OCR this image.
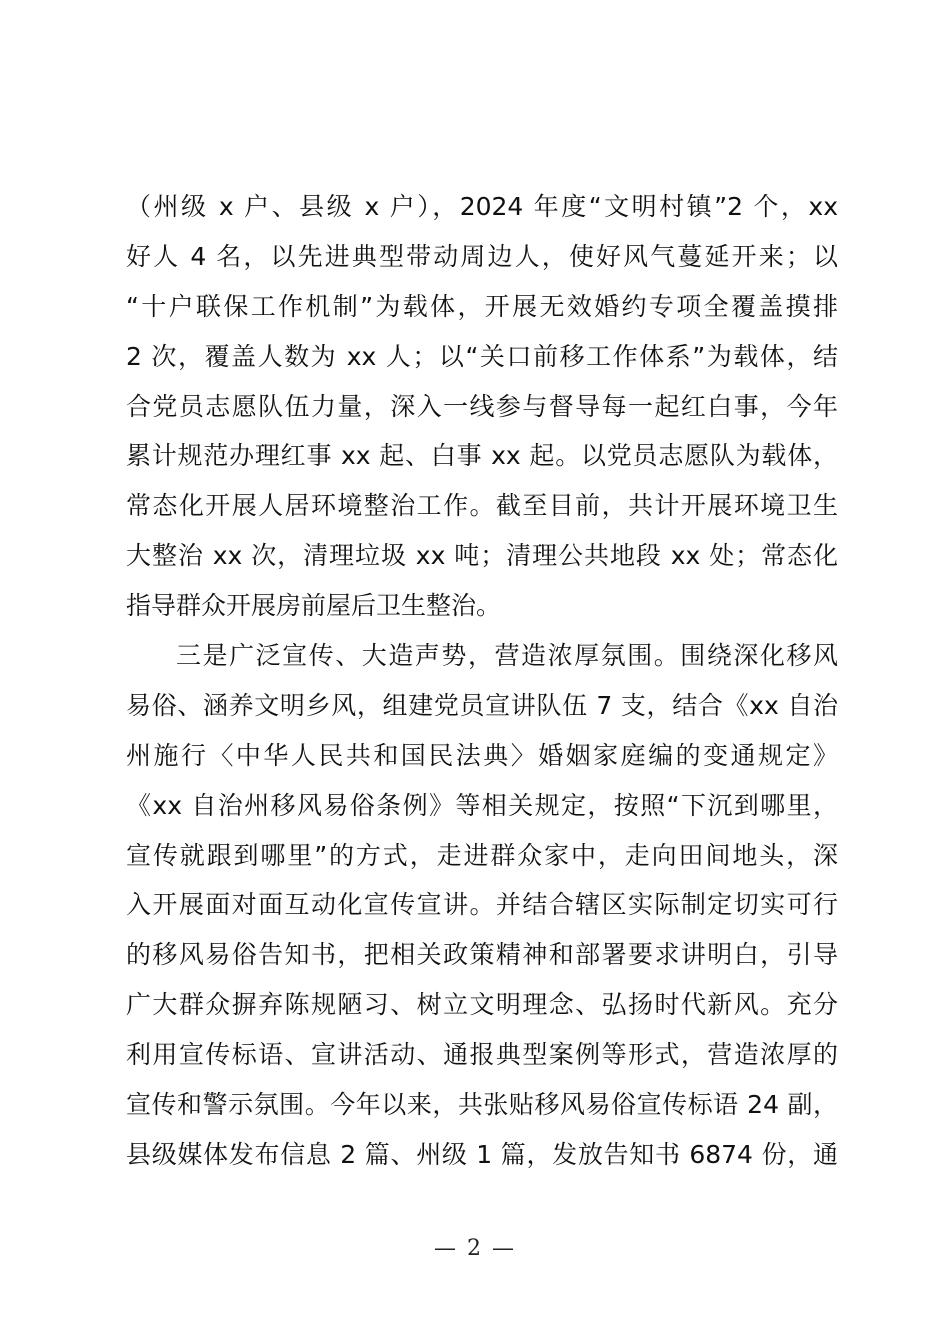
（州级 x 户、县级 x 户），2024 年度“文明村镇”2 个，xx
好人 4 名，以先进典型带动周边人，使好风气蔓延开来；以
“十户联保工作机制”为载体，开展无效婚约专项全覆盖摸排
2 次，覆盖人数为 xx 人；以“关口前移工作体系”为载体，结
合党员志愿队伍力量，深入一线参与督导每一起红白事，今年
累计规范办理红事 xx 起、白事 xx 起。以党员志愿队为载体，
常态化开展人居环境整治工作。截至目前，共计开展环境卫生
大整治 xx 次，清理垃圾 xx 吨；清理公共地段 xx 处；常态化
指导群众开展房前屋后卫生整治。
三是广泛宣传、大造声势，营造浓厚氛围。围绕深化移风
易俗、涵养文明乡风，组建党员宣讲队伍 7 支，结合《xx 自治
州施行〈中华人民共和国民法典〉婚姻家庭编的变通规定》
《xx 自治州移风易俗条例》等相关规定，按照“下沉到哪里，
宣传就跟到哪里”的方式，走进群众家中，走向田间地头，深
入开展面对面互动化宣传宣讲。并结合辖区实际制定切实可行
的移风易俗告知书，把相关政策精神和部署要求讲明白，引导
广大群众摒弃陈规陋习、树立文明理念、弘扬时代新风。充分
利用宣传标语、宣讲活动、通报典型案例等形式，营造浓厚的
宣传和警示氛围。今年以来，共张贴移风易俗宣传标语 24 副，
县级媒体发布信息 2 篇、州级 1 篇，发放告知书 6874 份，通
— 2 —
